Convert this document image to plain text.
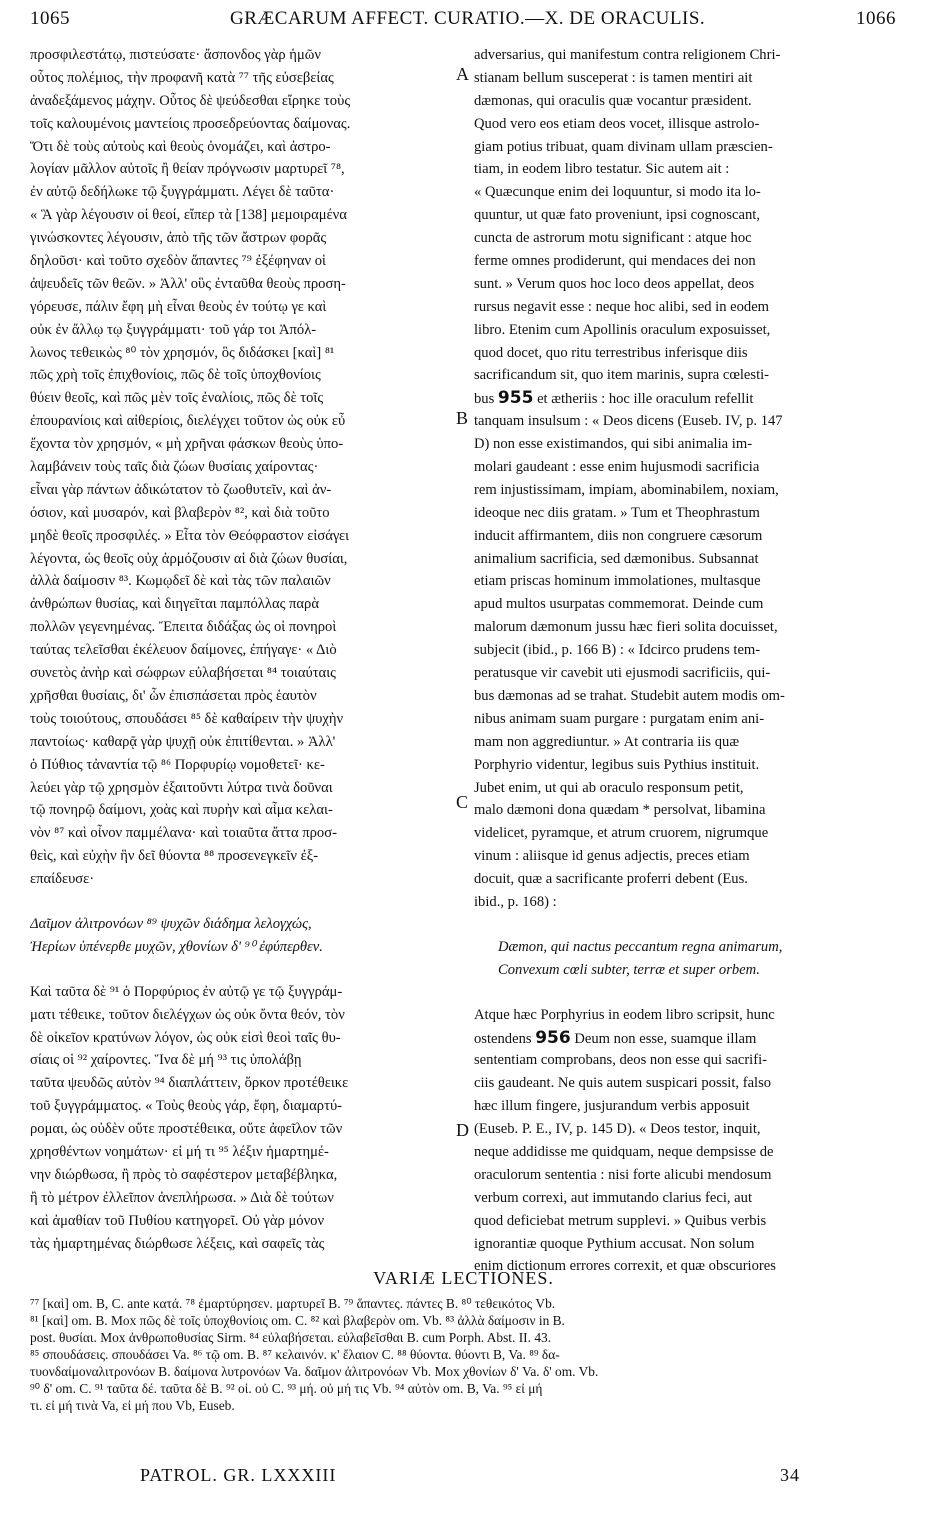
1065	GRÆCARUM AFFECT. CURATIO.—X. DE ORACULIS.	1066
προσφιλεστάτῳ, πιστεύσατε· ἄσπονδος γὰρ ἡμῶν
οὗτος πολέμιος, τὴν προφανῆ κατὰ ⁷⁷ τῆς εὐσεβείας
ἀναδεξάμενος μάχην. Οὗτος δὲ ψεύδεσθαι εἴρηκε τοὺς
τοῖς καλουμένοις μαντείοις προσεδρεύοντας δαίμονας.
Ὅτι δὲ τοὺς αὐτοὺς καὶ θεοὺς ὀνομάζει, καὶ ἀστρο-
λογίαν μᾶλλον αὐτοῖς ἢ θείαν πρόγνωσιν μαρτυρεῖ ⁷⁸,
ἐν αὐτῷ δεδήλωκε τῷ ξυγγράμματι. Λέγει δὲ ταῦτα·
« Ἃ γὰρ λέγουσιν οἱ θεοί, εἴπερ τὰ [138] μεμοιραμένα
γινώσκοντες λέγουσιν, ἀπὸ τῆς τῶν ἄστρων φορᾶς
δηλοῦσι· καὶ τοῦτο σχεδὸν ἅπαντες ⁷⁹ ἐξέφηναν οἱ
ἀψευδεῖς τῶν θεῶν. » Ἀλλ' οὓς ἐνταῦθα θεοὺς προση-
γόρευσε, πάλιν ἔφη μὴ εἶναι θεοὺς ἐν τούτῳ γε καὶ
οὐκ ἐν ἄλλῳ τῳ ξυγγράμματι· τοῦ γάρ τοι Ἀπόλ-
λωνος τεθεικὼς ⁸⁰ τὸν χρησμόν, ὃς διδάσκει [καὶ] ⁸¹
πῶς χρὴ τοῖς ἐπιχθονίοις, πῶς δὲ τοῖς ὑποχθονίοις
θύειν θεοῖς, καὶ πῶς μὲν τοῖς ἐναλίοις, πῶς δὲ τοῖς
ἐπουρανίοις καὶ αἰθερίοις, διελέγχει τοῦτον ὡς οὐκ εὖ
ἔχοντα τὸν χρησμόν, « μὴ χρῆναι φάσκων θεοὺς ὑπο-
λαμβάνειν τοὺς ταῖς διὰ ζώων θυσίαις χαίροντας·
εἶναι γὰρ πάντων ἀδικώτατον τὸ ζωοθυτεῖν, καὶ ἀν-
όσιον, καὶ μυσαρόν, καὶ βλαβερὸν ⁸², καὶ διὰ τοῦτο
μηδὲ θεοῖς προσφιλές. » Εἶτα τὸν Θεόφραστον εἰσάγει
λέγοντα, ὡς θεοῖς οὐχ ἁρμόζουσιν αἱ διὰ ζώων θυσίαι,
ἀλλὰ δαίμοσιν ⁸³. Κωμῳδεῖ δὲ καὶ τὰς τῶν παλαιῶν
ἀνθρώπων θυσίας, καὶ διηγεῖται παμπόλλας παρὰ
πολλῶν γεγενημένας. Ἔπειτα διδάξας ὡς οἱ πονηροὶ
ταύτας τελεῖσθαι ἐκέλευον δαίμονες, ἐπήγαγε· « Διὸ
συνετὸς ἀνὴρ καὶ σώφρων εὐλαβήσεται ⁸⁴ τοιαύταις
χρῆσθαι θυσίαις, δι' ὧν ἐπισπάσεται πρὸς ἑαυτὸν
τοὺς τοιούτους, σπουδάσει ⁸⁵ δὲ καθαίρειν τὴν ψυχὴν
παντοίως· καθαρᾷ γὰρ ψυχῇ οὐκ ἐπιτίθενται. » Ἀλλ'
ὁ Πύθιος τἀναντία τῷ ⁸⁶ Πορφυρίῳ νομοθετεῖ· κε-
λεύει γὰρ τῷ χρησμὸν ἐξαιτοῦντι λύτρα τινὰ δοῦναι
τῷ πονηρῷ δαίμονι, χοὰς καὶ πυρὴν καὶ αἷμα κελαι-
νὸν ⁸⁷ καὶ οἶνον παμμέλανα· καὶ τοιαῦτα ἄττα προσ-
θεὶς, καὶ εὐχὴν ἣν δεῖ θύοντα ⁸⁸ προσενεγκεῖν ἐξ-
επαίδευσε·
Δαῖμον ἀλιτρονόων ⁸⁹ ψυχῶν διάδημα λελογχώς,
Ἠερίων ὑπένερθε μυχῶν, χθονίων δ' ⁹⁰ ἐφύπερθεν.
Καὶ ταῦτα δὲ ⁹¹ ὁ Πορφύριος ἐν αὐτῷ γε τῷ ξυγγράμ-
ματι τέθεικε, τοῦτον διελέγχων ὡς οὐκ ὄντα θεόν, τὸν
δὲ οἰκεῖον κρατύνων λόγον, ὡς οὐκ εἰσὶ θεοὶ ταῖς θυ-
σίαις οἱ ⁹² χαίροντες. Ἵνα δὲ μή ⁹³ τις ὑπολάβῃ
ταῦτα ψευδῶς αὐτὸν ⁹⁴ διαπλάττειν, ὅρκον προτέθεικε
τοῦ ξυγγράμματος. « Τοὺς θεοὺς γάρ, ἔφη, διαμαρτύ-
ρομαι, ὡς οὐδὲν οὔτε προστέθεικα, οὔτε ἀφεῖλον τῶν
χρησθέντων νοημάτων· εἰ μή τι ⁹⁵ λέξιν ἡμαρτημέ-
νην διώρθωσα, ἢ πρὸς τὸ σαφέστερον μεταβέβληκα,
ἢ τὸ μέτρον ἐλλεῖπον ἀνεπλήρωσα. » Διὰ δὲ τούτων
καὶ ἀμαθίαν τοῦ Πυθίου κατηγορεῖ. Οὐ γὰρ μόνον
τὰς ἡμαρτημένας διώρθωσε λέξεις, καὶ σαφεῖς τὰς
adversarius, qui manifestum contra religionem Chri-
stianam bellum susceperat : is tamen mentiri ait
dæmonas, qui oraculis quæ vocantur præsident.
Quod vero eos etiam deos vocet, illisque astrolo-
giam potius tribuat, quam divinam ullam præscien-
tiam, in eodem libro testatur. Sic autem ait :
« Quæcunque enim dei loquuntur, si modo ita lo-
quuntur, ut quæ fato proveniunt, ipsi cognoscant,
cuncta de astrorum motu significant : atque hoc
ferme omnes prodiderunt, qui mendaces dei non
sunt. » Verum quos hoc loco deos appellat, deos
rursus negavit esse : neque hoc alibi, sed in eodem
libro. Etenim cum Apollinis oraculum exposuisset,
quod docet, quo ritu terrestribus inferisque diis
sacrificandum sit, quo item marinis, supra cœlesti-
bus 955 et ætheriis : hoc ille oraculum refellit
tanquam insulsum : « Deos dicens (Euseb. IV, p. 147
D) non esse existimandos, qui sibi animalia im-
molari gaudeant : esse enim hujusmodi sacrificia
rem injustissimam, impiam, abominabilem, noxiam,
ideoque nec diis gratam. » Tum et Theophrastum
inducit affirmantem, diis non congruere cæsorum
animalium sacrificia, sed dæmonibus. Subsannat
etiam priscas hominum immolationes, multasque
apud multos usurpatas commemorat. Deinde cum
malorum dæmonum jussu hæc fieri solita docuisset,
subjecit (ibid., p. 166 B) : « Idcirco prudens tem-
peratusque vir cavebit uti ejusmodi sacrificiis, qui-
bus dæmonas ad se trahat. Studebit autem modis om-
nibus animam suam purgare : purgatam enim ani-
mam non aggrediuntur. » At contraria iis quæ
Porphyrio videntur, legibus suis Pythius instituit.
Jubet enim, ut qui ab oraculo responsum petit,
malo dæmoni dona quædam * persolvat, libamina
videlicet, pyramque, et atrum cruorem, nigrumque
vinum : aliisque id genus adjectis, preces etiam
docuit, quæ a sacrificante proferri debent (Eus.
ibid., p. 168) :
Dæmon, qui nactus peccantum regna animarum,
Convexum cœli subter, terræ et super orbem.
Atque hæc Porphyrius in eodem libro scripsit, hunc
ostendens 956 Deum non esse, suamque illam
sententiam comprobans, deos non esse qui sacrifi-
ciis gaudeant. Ne quis autem suspicari possit, falso
hæc illum fingere, jusjurandum verbis apposuit
(Euseb. P. E., IV, p. 145 D). « Deos testor, inquit,
neque addidisse me quidquam, neque dempsisse de
oraculorum sententia : nisi forte alicubi mendosum
verbum correxi, aut immutando clarius feci, aut
quod deficiebat metrum supplevi. » Quibus verbis
ignorantiæ quoque Pythium accusat. Non solum
enim dictionum errores correxit, et quæ obscuriores
A
B
C
D
VARIÆ LECTIONES.
⁷⁷ [καὶ] om. B, C. ante κατά. ⁷⁸ ἐμαρτύρησεν. μαρτυρεῖ B. ⁷⁹ ἅπαντες. πάντες B. ⁸⁰ τεθεικότος Vb.
⁸¹ [καὶ] om. B. Mox πῶς δὲ τοῖς ὑποχθονίοις om. C. ⁸² καὶ βλαβερὸν om. Vb. ⁸³ ἀλλὰ δαίμοσιν in B.
post. θυσίαι. Mox ἀνθρωποθυσίας Sirm. ⁸⁴ εὐλαβήσεται. εὐλαβεῖσθαι B. cum Porph. Abst. II. 43.
⁸⁵ σπουδάσεις. σπουδάσει Va. ⁸⁶ τῷ om. B. ⁸⁷ κελαινόν. κ' ἔλαιον C. ⁸⁸ θύοντα. θύοντι B, Va. ⁸⁹ δα-
τυονδαίμοναλιτρονόων B. δαίμονα λυτρονόων Va. δαῖμον ἀλιτρονόων Vb. Mox χθονίων δ' Va. δ' om. Vb.
⁹⁰ δ' om. C. ⁹¹ ταῦτα δέ. ταῦτα δὲ B. ⁹² οἱ. οὐ C. ⁹³ μή. οὐ μή τις Vb. ⁹⁴ αὐτὸν om. B, Va. ⁹⁵ εἰ μή
τι. εἰ μή τινὰ Va, εἰ μή που Vb, Euseb.
PATROL. GR. LXXXIII	34
